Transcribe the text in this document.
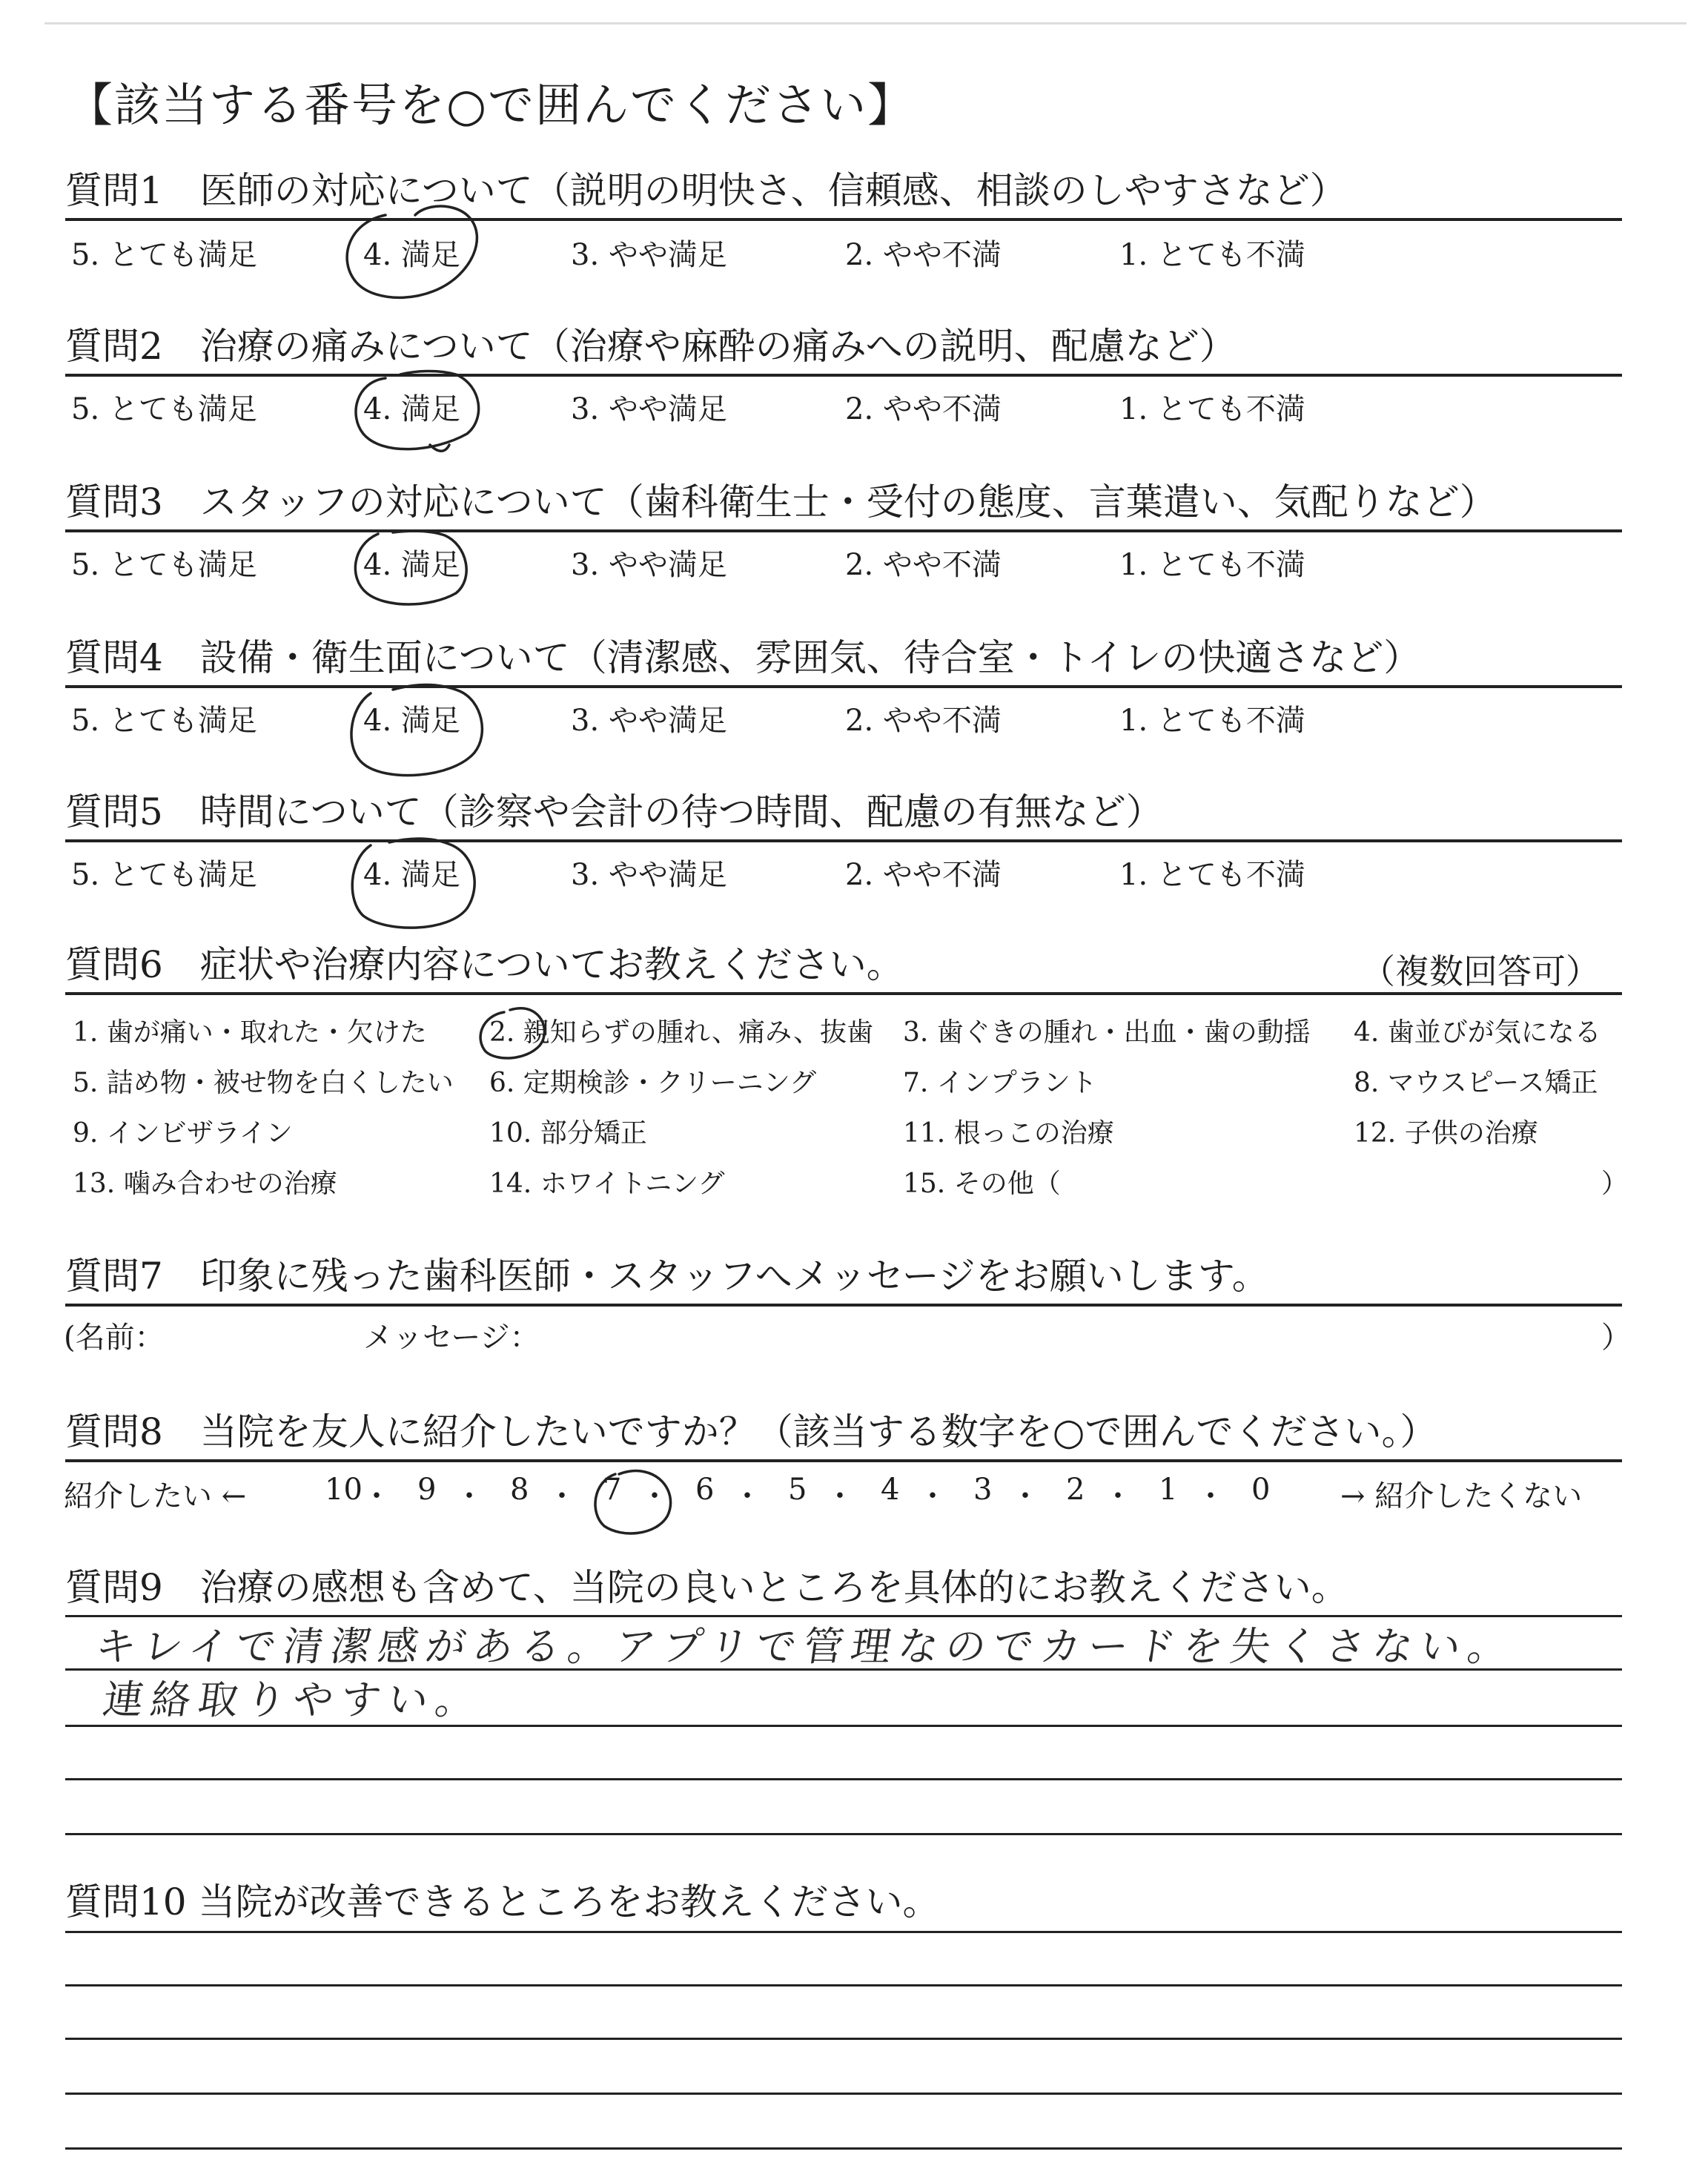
【該当する番号を○で囲んでください】
質問1　医師の対応について（説明の明快さ、信頼感、相談のしやすさなど）
5. とても満足	4. 満足	3. やや満足	2. やや不満	1. とても不満
質問2　治療の痛みについて（治療や麻酔の痛みへの説明、配慮など）
5. とても満足	4. 満足	3. やや満足	2. やや不満	1. とても不満
質問3　スタッフの対応について（歯科衛生士・受付の態度、言葉遣い、気配りなど）
5. とても満足	4. 満足	3. やや満足	2. やや不満	1. とても不満
質問4　設備・衛生面について（清潔感、雰囲気、待合室・トイレの快適さなど）
5. とても満足	4. 満足	3. やや満足	2. やや不満	1. とても不満
質問5　時間について（診察や会計の待つ時間、配慮の有無など）
5. とても満足	4. 満足	3. やや満足	2. やや不満	1. とても不満
質問6　症状や治療内容についてお教えください。	（複数回答可）
1. 歯が痛い・取れた・欠けた 2. 親知らずの腫れ、痛み、抜歯 3. 歯ぐきの腫れ・出血・歯の動揺 4. 歯並びが気になる
5. 詰め物・被せ物を白くしたい 6. 定期検診・クリーニング	7. インプラント	8. マウスピース矯正
9. インビザライン	10. 部分矯正	11. 根っこの治療	12. 子供の治療
13. 噛み合わせの治療	14. ホワイトニング	15. その他（	）
質問7　印象に残った歯科医師・スタッフへメッセージをお願いします。
(名前：	メッセージ：	）
質問8　当院を友人に紹介したいですか？（該当する数字を○で囲んでください。）
紹介したい ←	10 ・ 9 ・ 8 ・ 7 ・ 6 ・ 5 ・ 4 ・ 3 ・ 2 ・ 1 ・ 0 → 紹介したくない
質問9　治療の感想も含めて、当院の良いところを具体的にお教えください。
キレイで清潔感がある。アプリで管理なのでカードを失くさない。
連絡取りやすい。
質問10 当院が改善できるところをお教えください。
